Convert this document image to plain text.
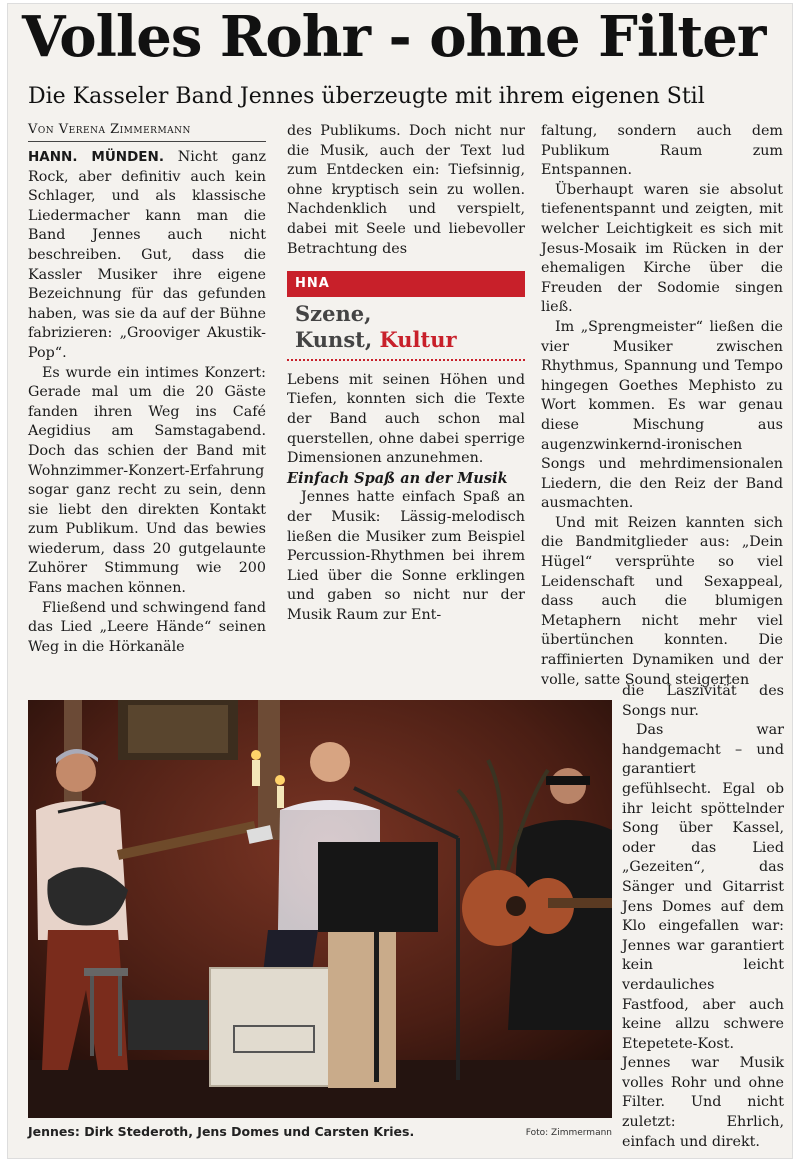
Volles Rohr - ohne Filter
Die Kasseler Band Jennes überzeugte mit ihrem eigenen Stil
Von Verena Zimmermann

HANN. MÜNDEN. Nicht ganz Rock, aber definitiv auch kein Schlager, und als klassische Liedermacher kann man die Band Jennes auch nicht beschreiben. Gut, dass die Kassler Musiker ihre eigene Bezeichnung für das gefunden haben, was sie da auf der Bühne fabrizieren: „Grooviger Akustik-Pop“.

Es wurde ein intimes Konzert: Gerade mal um die 20 Gäste fanden ihren Weg ins Café Aegidius am Samstagabend. Doch das schien der Band mit Wohnzimmer-Konzert-Erfahrung sogar ganz recht zu sein, denn sie liebt den direkten Kontakt zum Publikum. Und das bewies wiederum, dass 20 gutgelaunte Zuhörer Stimmung wie 200 Fans machen können.

Fließend und schwingend fand das Lied „Leere Hände“ seinen Weg in die Hörkanäle

des Publikums. Doch nicht nur die Musik, auch der Text lud zum Entdecken ein: Tiefsinnig, ohne kryptisch sein zu wollen. Nachdenklich und verspielt, dabei mit Seele und liebevoller Betrachtung des

HNA
Szene,
Kunst, Kultur

Lebens mit seinen Höhen und Tiefen, konnten sich die Texte der Band auch schon mal querstellen, ohne dabei sperrige Dimensionen anzunehmen.

Einfach Spaß an der Musik

Jennes hatte einfach Spaß an der Musik: Lässig-melodisch ließen die Musiker zum Beispiel Percussion-Rhythmen bei ihrem Lied über die Sonne erklingen und gaben so nicht nur der Musik Raum zur Ent-

faltung, sondern auch dem Publikum Raum zum Entspannen.

Überhaupt waren sie absolut tiefenentspannt und zeigten, mit welcher Leichtigkeit es sich mit Jesus-Mosaik im Rücken in der ehemaligen Kirche über die Freuden der Sodomie singen ließ.

Im „Sprengmeister“ ließen die vier Musiker zwischen Rhythmus, Spannung und Tempo hingegen Goethes Mephisto zu Wort kommen. Es war genau diese Mischung aus augenzwinkernd-ironischen Songs und mehrdimensionalen Liedern, die den Reiz der Band ausmachten.

Und mit Reizen kannten sich die Bandmitglieder aus: „Dein Hügel“ versprühte so viel Leidenschaft und Sexappeal, dass auch die blumigen Metaphern nicht mehr viel übertünchen konnten. Die raffinierten Dynamiken und der volle, satte Sound steigerten

die Laszivität des Songs nur.

Das war handgemacht – und garantiert gefühlsecht. Egal ob ihr leicht spöttelnder Song über Kassel, oder das Lied „Gezeiten“, das Sänger und Gitarrist Jens Domes auf dem Klo eingefallen war: Jennes war garantiert kein leicht verdauliches Fastfood, aber auch keine allzu schwere Etepetete-Kost. Jennes war Musik volles Rohr und ohne Filter. Und nicht zuletzt: Ehrlich, einfach und direkt.

Jennes: Dirk Stederoth, Jens Domes und Carsten Kries.	Foto: Zimmermann
